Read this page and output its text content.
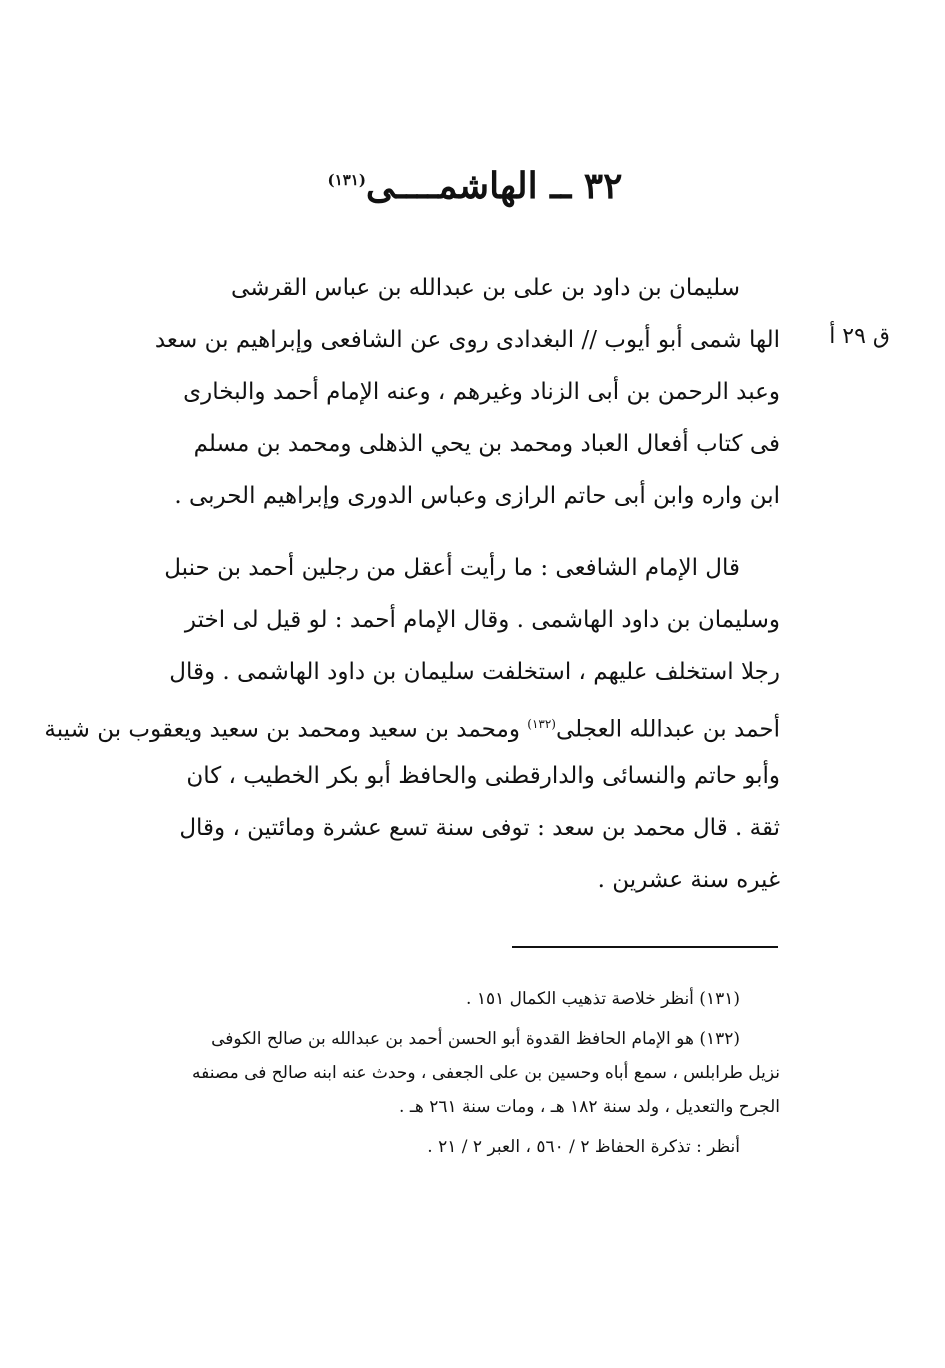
٣٢ ــ الهاشمــــى$^{(١٣١)}$
ق ٢٩ أ
سليمان بن داود بن على بن عبدالله بن عباس القرشى
الها شمى أبو أيوب // البغدادى روى عن الشافعى وإبراهيم بن سعد
وعبد الرحمن بن أبى الزناد وغيرهم ، وعنه الإمام أحمد والبخارى
فى كتاب أفعال العباد ومحمد بن يحي الذهلى ومحمد بن مسلم
ابن واره وابن أبى حاتم الرازى وعباس الدورى وإبراهيم الحربى .
قال الإمام الشافعى : ما رأيت أعقل من رجلين أحمد بن حنبل
وسليمان بن داود الهاشمى . وقال الإمام أحمد : لو قيل لى اختر
رجلا استخلف عليهم ، استخلفت سليمان بن داود الهاشمى . وقال
أحمد بن عبدالله العجلى$^{(١٣٢)}$ ومحمد بن سعيد ومحمد بن سعيد ويعقوب بن شيبة
وأبو حاتم والنسائى والدارقطنى والحافظ أبو بكر الخطيب ، كان
ثقة . قال محمد بن سعد : توفى سنة تسع عشرة ومائتين ، وقال
غيره سنة عشرين .
(١٣١) أنظر خلاصة تذهيب الكمال ١٥١ .
(١٣٢) هو الإمام الحافظ القدوة أبو الحسن أحمد بن عبدالله بن صالح الكوفى
نزيل طرابلس ، سمع أباه وحسين بن على الجعفى ، وحدث عنه ابنه صالح فى مصنفه
الجرح والتعديل ، ولد سنة ١٨٢ هـ ، ومات سنة ٢٦١ هـ .
أنظر : تذكرة الحفاظ ٢ / ٥٦٠ ، العبر ٢ / ٢١ .
